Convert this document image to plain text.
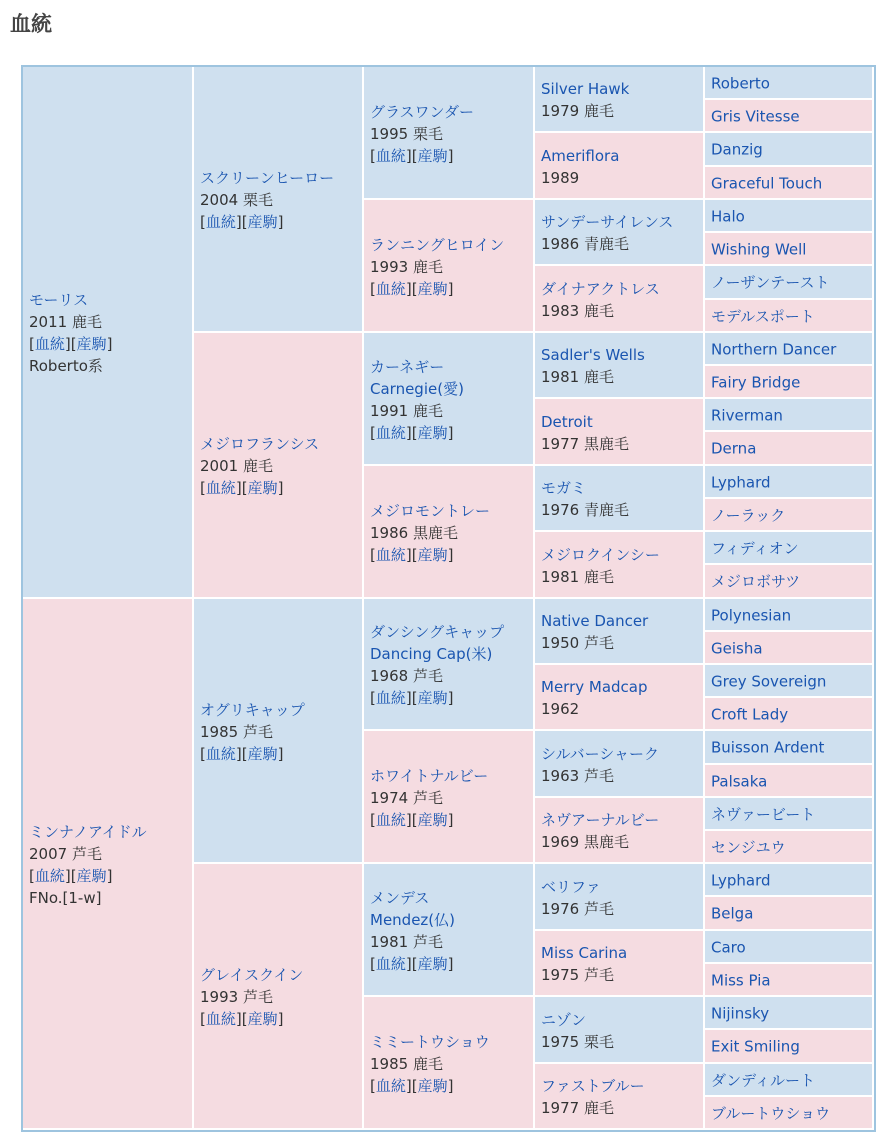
血統
モーリス
2011 鹿毛
[血統][産駒]
Roberto系
ミンナノアイドル
2007 芦毛
[血統][産駒]
FNo.[1-w]
スクリーンヒーロー
2004 栗毛
[血統][産駒]
メジロフランシス
2001 鹿毛
[血統][産駒]
オグリキャップ
1985 芦毛
[血統][産駒]
グレイスクイン
1993 芦毛
[血統][産駒]
グラスワンダー
1995 栗毛
[血統][産駒]
ランニングヒロイン
1993 鹿毛
[血統][産駒]
カーネギー
Carnegie(愛)
1991 鹿毛
[血統][産駒]
メジロモントレー
1986 黒鹿毛
[血統][産駒]
ダンシングキャップ
Dancing Cap(米)
1968 芦毛
[血統][産駒]
ホワイトナルビー
1974 芦毛
[血統][産駒]
メンデス
Mendez(仏)
1981 芦毛
[血統][産駒]
ミミートウショウ
1985 鹿毛
[血統][産駒]
Silver Hawk
1979 鹿毛
Ameriflora
1989
サンデーサイレンス
1986 青鹿毛
ダイナアクトレス
1983 鹿毛
Sadler's Wells
1981 鹿毛
Detroit
1977 黒鹿毛
モガミ
1976 青鹿毛
メジロクインシー
1981 鹿毛
Native Dancer
1950 芦毛
Merry Madcap
1962
シルバーシャーク
1963 芦毛
ネヴアーナルビー
1969 黒鹿毛
ベリファ
1976 芦毛
Miss Carina
1975 芦毛
ニゾン
1975 栗毛
ファストブルー
1977 鹿毛
Roberto
Gris Vitesse
Danzig
Graceful Touch
Halo
Wishing Well
ノーザンテースト
モデルスポート
Northern Dancer
Fairy Bridge
Riverman
Derna
Lyphard
ノーラック
フィディオン
メジロボサツ
Polynesian
Geisha
Grey Sovereign
Croft Lady
Buisson Ardent
Palsaka
ネヴァービート
センジユウ
Lyphard
Belga
Caro
Miss Pia
Nijinsky
Exit Smiling
ダンディルート
ブルートウショウ
